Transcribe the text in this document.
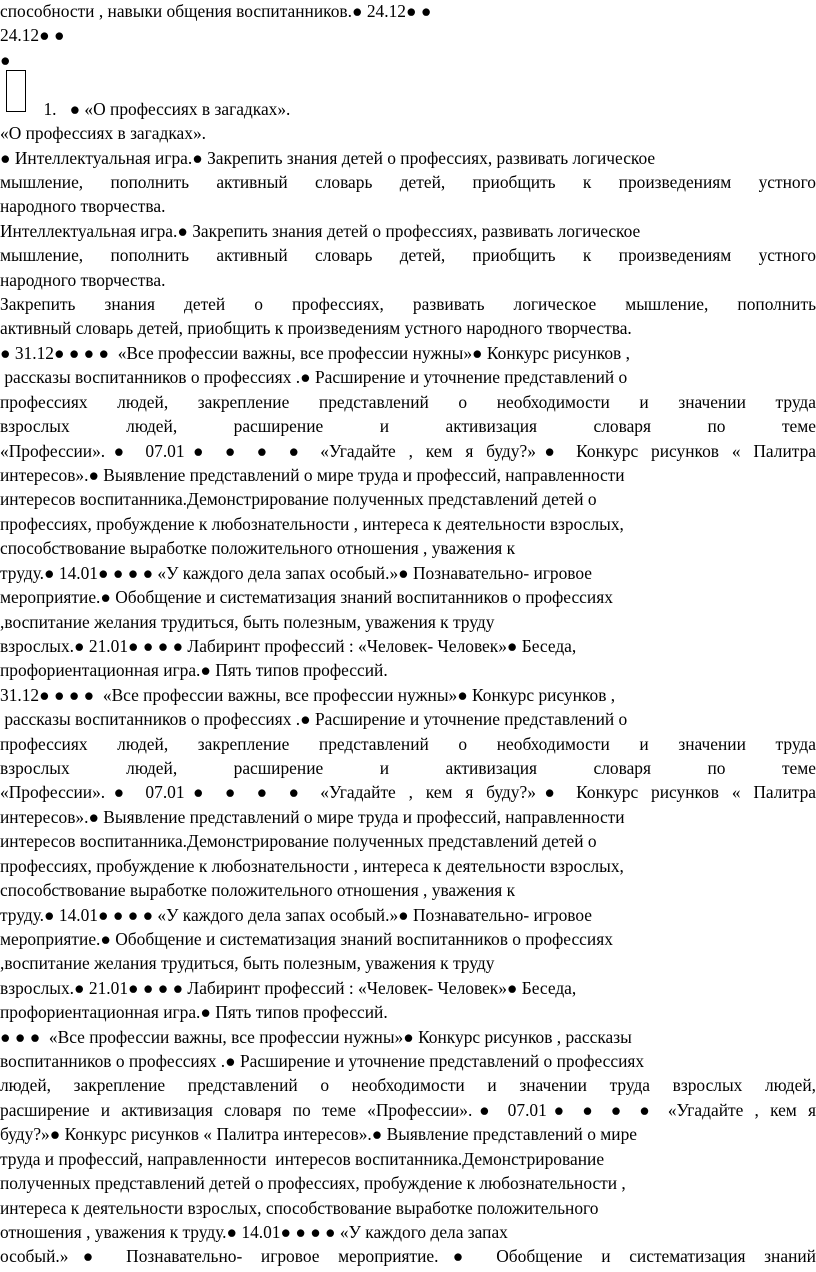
способности , навыки общения воспитанников.● 24.12● ●
24.12● ●
●
1.   ● «О профессиях в загадках».
«О профессиях в загадках».
● Интеллектуальная игра.● Закрепить знания детей о профессиях, развивать логическое
мышление, пополнить активный словарь детей, приобщить к произведениям устного
народного творчества.
Интеллектуальная игра.● Закрепить знания детей о профессиях, развивать логическое
мышление, пополнить активный словарь детей, приобщить к произведениям устного
народного творчества.
Закрепить знания детей о профессиях, развивать логическое мышление, пополнить
активный словарь детей, приобщить к произведениям устного народного творчества.
● 31.12● ● ● ●  «Все профессии важны, все профессии нужны»● Конкурс рисунков ,
рассказы воспитанников о профессиях .● Расширение и уточнение представлений о
профессиях людей, закрепление представлений о необходимости и значении труда
взрослых людей, расширение и активизация словаря по теме
«Профессии».● 07.01● ● ● ● «Угадайте , кем я буду?»● Конкурс рисунков « Палитра
интересов».● Выявление представлений о мире труда и профессий, направленности
интересов воспитанника.Демонстрирование полученных представлений детей о
профессиях, пробуждение к любознательности , интереса к деятельности взрослых,
способствование выработке положительного отношения , уважения к
труду.● 14.01● ● ● ● «У каждого дела запах особый.»● Познавательно- игровое
мероприятие.● Обобщение и систематизация знаний воспитанников о профессиях
,воспитание желания трудиться, быть полезным, уважения к труду
взрослых.● 21.01● ● ● ● Лабиринт профессий : «Человек- Человек»● Беседа,
профориентационная игра.● Пять типов профессий.
31.12● ● ● ●  «Все профессии важны, все профессии нужны»● Конкурс рисунков ,
рассказы воспитанников о профессиях .● Расширение и уточнение представлений о
профессиях людей, закрепление представлений о необходимости и значении труда
взрослых людей, расширение и активизация словаря по теме
«Профессии».● 07.01● ● ● ● «Угадайте , кем я буду?»● Конкурс рисунков « Палитра
интересов».● Выявление представлений о мире труда и профессий, направленности
интересов воспитанника.Демонстрирование полученных представлений детей о
профессиях, пробуждение к любознательности , интереса к деятельности взрослых,
способствование выработке положительного отношения , уважения к
труду.● 14.01● ● ● ● «У каждого дела запах особый.»● Познавательно- игровое
мероприятие.● Обобщение и систематизация знаний воспитанников о профессиях
,воспитание желания трудиться, быть полезным, уважения к труду
взрослых.● 21.01● ● ● ● Лабиринт профессий : «Человек- Человек»● Беседа,
профориентационная игра.● Пять типов профессий.
● ● ●  «Все профессии важны, все профессии нужны»● Конкурс рисунков , рассказы
воспитанников о профессиях .● Расширение и уточнение представлений о профессиях
людей, закрепление представлений о необходимости и значении труда взрослых людей,
расширение и активизация словаря по теме «Профессии».● 07.01● ● ● ● «Угадайте , кем я
буду?»● Конкурс рисунков « Палитра интересов».● Выявление представлений о мире
труда и профессий, направленности  интересов воспитанника.Демонстрирование
полученных представлений детей о профессиях, пробуждение к любознательности ,
интереса к деятельности взрослых, способствование выработке положительного
отношения , уважения к труду.● 14.01● ● ● ● «У каждого дела запах
особый.»● Познавательно- игровое мероприятие.● Обобщение и систематизация знаний
